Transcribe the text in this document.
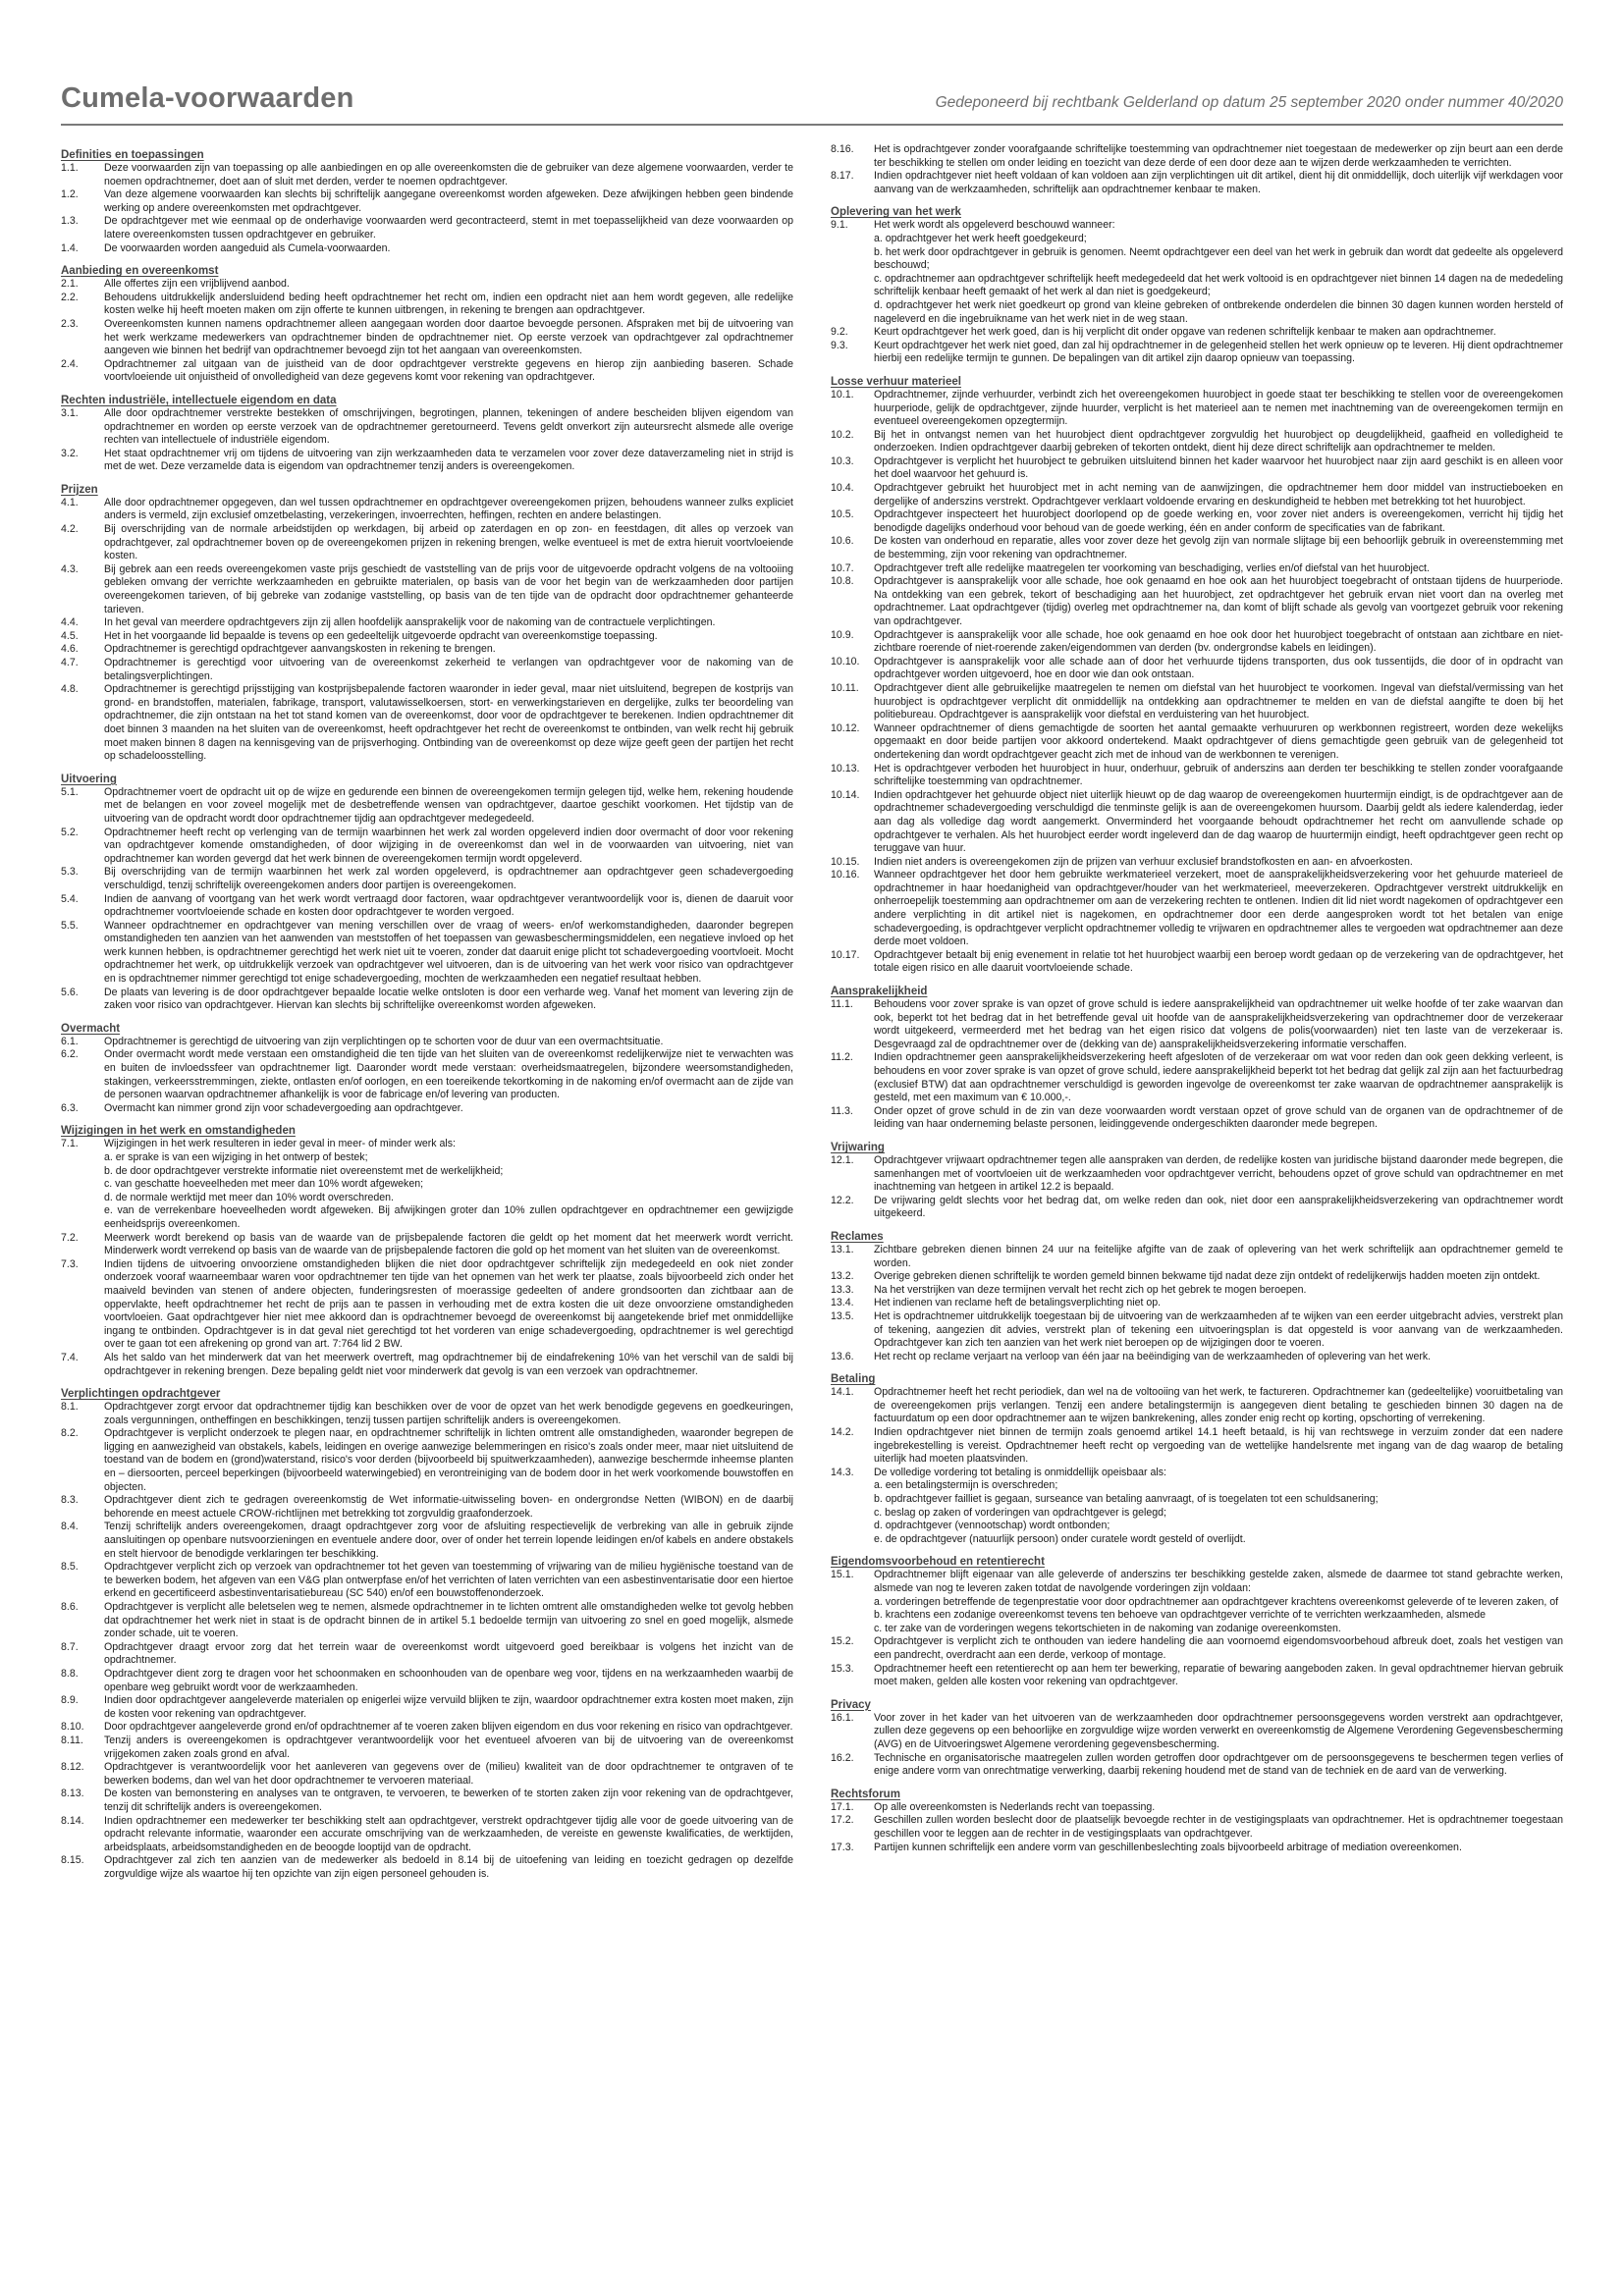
Cumela-voorwaarden	Gedeponeerd bij rechtbank Gelderland op datum 25 september 2020 onder nummer 40/2020
Definities en toepassingen
1.1.	Deze voorwaarden zijn van toepassing op alle aanbiedingen en op alle overeenkomsten die de gebruiker van deze algemene voorwaarden, verder te noemen opdrachtnemer, doet aan of sluit met derden, verder te noemen opdrachtgever.
1.2.	Van deze algemene voorwaarden kan slechts bij schriftelijk aangegane overeenkomst worden afgeweken. Deze afwijkingen hebben geen bindende werking op andere overeenkomsten met opdrachtgever.
1.3.	De opdrachtgever met wie eenmaal op de onderhavige voorwaarden werd gecontracteerd, stemt in met toepasselijkheid van deze voorwaarden op latere overeenkomsten tussen opdrachtgever en gebruiker.
1.4.	De voorwaarden worden aangeduid als Cumela-voorwaarden.
Aanbieding en overeenkomst
2.1.	Alle offertes zijn een vrijblijvend aanbod.
2.2.	Behoudens uitdrukkelijk andersluidend beding heeft opdrachtnemer het recht om, indien een opdracht niet aan hem wordt gegeven, alle redelijke kosten welke hij heeft moeten maken om zijn offerte te kunnen uitbrengen, in rekening te brengen aan opdrachtgever.
2.3.	Overeenkomsten kunnen namens opdrachtnemer alleen aangegaan worden door daartoe bevoegde personen. Afspraken met bij de uitvoering van het werk werkzame medewerkers van opdrachtnemer binden de opdrachtnemer niet. Op eerste verzoek van opdrachtgever zal opdrachtnemer aangeven wie binnen het bedrijf van opdrachtnemer bevoegd zijn tot het aangaan van overeenkomsten.
2.4.	Opdrachtnemer zal uitgaan van de juistheid van de door opdrachtgever verstrekte gegevens en hierop zijn aanbieding baseren. Schade voortvloeiende uit onjuistheid of onvolledigheid van deze gegevens komt voor rekening van opdrachtgever.
Rechten industriële, intellectuele eigendom en data
3.1.	Alle door opdrachtnemer verstrekte bestekken of omschrijvingen, begrotingen, plannen, tekeningen of andere bescheiden blijven eigendom van opdrachtnemer en worden op eerste verzoek van de opdrachtnemer geretourneerd. Tevens geldt onverkort zijn auteursrecht alsmede alle overige rechten van intellectuele of industriële eigendom.
3.2.	Het staat opdrachtnemer vrij om tijdens de uitvoering van zijn werkzaamheden data te verzamelen voor zover deze dataverzameling niet in strijd is met de wet. Deze verzamelde data is eigendom van opdrachtnemer tenzij anders is overeengekomen.
Prijzen
4.1.	Alle door opdrachtnemer opgegeven, dan wel tussen opdrachtnemer en opdrachtgever overeengekomen prijzen, behoudens wanneer zulks expliciet anders is vermeld, zijn exclusief omzetbelasting, verzekeringen, invoerrechten, heffingen, rechten en andere belastingen.
4.2.	Bij overschrijding van de normale arbeidstijden op werkdagen, bij arbeid op zaterdagen en op zon- en feestdagen, dit alles op verzoek van opdrachtgever, zal opdrachtnemer boven op de overeengekomen prijzen in rekening brengen, welke eventueel is met de extra hieruit voortvloeiende kosten.
4.3.	Bij gebrek aan een reeds overeengekomen vaste prijs geschiedt de vaststelling van de prijs voor de uitgevoerde opdracht volgens de na voltooiing gebleken omvang der verrichte werkzaamheden en gebruikte materialen, op basis van de voor het begin van de werkzaamheden door partijen overeengekomen tarieven, of bij gebreke van zodanige vaststelling, op basis van de ten tijde van de opdracht door opdrachtnemer gehanteerde tarieven.
4.4.	In het geval van meerdere opdrachtgevers zijn zij allen hoofdelijk aansprakelijk voor de nakoming van de contractuele verplichtingen.
4.5.	Het in het voorgaande lid bepaalde is tevens op een gedeeltelijk uitgevoerde opdracht van overeenkomstige toepassing.
4.6.	Opdrachtnemer is gerechtigd opdrachtgever aanvangskosten in rekening te brengen.
4.7.	Opdrachtnemer is gerechtigd voor uitvoering van de overeenkomst zekerheid te verlangen van opdrachtgever voor de nakoming van de betalingsverplichtingen.
4.8.	Opdrachtnemer is gerechtigd prijsstijging van kostprijsbepalende factoren waaronder in ieder geval, maar niet uitsluitend, begrepen de kostprijs van grond- en brandstoffen, materialen, fabrikage, transport, valutawisselkoersen, stort- en verwerkingstarieven en dergelijke, zulks ter beoordeling van opdrachtnemer, die zijn ontstaan na het tot stand komen van de overeenkomst, door voor de opdrachtgever te berekenen. Indien opdrachtnemer dit doet binnen 3 maanden na het sluiten van de overeenkomst, heeft opdrachtgever het recht de overeenkomst te ontbinden, van welk recht hij gebruik moet maken binnen 8 dagen na kennisgeving van de prijsverhoging. Ontbinding van de overeenkomst op deze wijze geeft geen der partijen het recht op schadeloosstelling.
Uitvoering
5.1.	Opdrachtnemer voert de opdracht uit op de wijze en gedurende een binnen de overeengekomen termijn gelegen tijd, welke hem, rekening houdende met de belangen en voor zoveel mogelijk met de desbetreffende wensen van opdrachtgever, daartoe geschikt voorkomen. Het tijdstip van de uitvoering van de opdracht wordt door opdrachtnemer tijdig aan opdrachtgever medegedeeld.
5.2.	Opdrachtnemer heeft recht op verlenging van de termijn waarbinnen het werk zal worden opgeleverd indien door overmacht of door voor rekening van opdrachtgever komende omstandigheden, of door wijziging in de overeenkomst dan wel in de voorwaarden van uitvoering, niet van opdrachtnemer kan worden gevergd dat het werk binnen de overeengekomen termijn wordt opgeleverd.
5.3.	Bij overschrijding van de termijn waarbinnen het werk zal worden opgeleverd, is opdrachtnemer aan opdrachtgever geen schadevergoeding verschuldigd, tenzij schriftelijk overeengekomen anders door partijen is overeengekomen.
5.4.	Indien de aanvang of voortgang van het werk wordt vertraagd door factoren, waar opdrachtgever verantwoordelijk voor is, dienen de daaruit voor opdrachtnemer voortvloeiende schade en kosten door opdrachtgever te worden vergoed.
5.5.	Wanneer opdrachtnemer en opdrachtgever van mening verschillen over de vraag of weers- en/of werkomstandigheden, daaronder begrepen omstandigheden ten aanzien van het aanwenden van meststoffen of het toepassen van gewasbeschermingsmiddelen, een negatieve invloed op het werk kunnen hebben, is opdrachtnemer gerechtigd het werk niet uit te voeren, zonder dat daaruit enige plicht tot schadevergoeding voortvloeit. Mocht opdrachtnemer het werk, op uitdrukkelijk verzoek van opdrachtgever wel uitvoeren, dan is de uitvoering van het werk voor risico van opdrachtgever en is opdrachtnemer nimmer gerechtigd tot enige schadevergoeding, mochten de werkzaamheden een negatief resultaat hebben.
5.6.	De plaats van levering is de door opdrachtgever bepaalde locatie welke ontsloten is door een verharde weg. Vanaf het moment van levering zijn de zaken voor risico van opdrachtgever. Hiervan kan slechts bij schriftelijke overeenkomst worden afgeweken.
Overmacht
6.1.	Opdrachtnemer is gerechtigd de uitvoering van zijn verplichtingen op te schorten voor de duur van een overmachtsituatie.
6.2.	Onder overmacht wordt mede verstaan een omstandigheid die ten tijde van het sluiten van de overeenkomst redelijkerwijze niet te verwachten was en buiten de invloedssfeer van opdrachtnemer ligt. Daaronder wordt mede verstaan: overheidsmaatregelen, bijzondere weersomstandigheden, stakingen, verkeersstremmingen, ziekte, ontlasten en/of oorlogen, en een toereikende tekortkoming in de nakoming en/of overmacht aan de zijde van de personen waarvan opdrachtnemer afhankelijk is voor de fabricage en/of levering van producten.
6.3.	Overmacht kan nimmer grond zijn voor schadevergoeding aan opdrachtgever.
Wijzigingen in het werk en omstandigheden
7.1.	Wijzigingen in het werk resulteren in ieder geval in meer- of minder werk als:
a. er sprake is van een wijziging in het ontwerp of bestek;
b. de door opdrachtgever verstrekte informatie niet overeenstemt met de werkelijkheid;
c. van geschatte hoeveelheden met meer dan 10% wordt afgeweken;
d. de normale werktijd met meer dan 10% wordt overschreden.
e. van de verrekenbare hoeveelheden wordt afgeweken. Bij afwijkingen groter dan 10% zullen opdrachtgever en opdrachtnemer een gewijzigde eenheidsprijs overeenkomen.
7.2.	Meerwerk wordt berekend op basis van de waarde van de prijsbepalende factoren die geldt op het moment dat het meerwerk wordt verricht. Minderwerk wordt verrekend op basis van de waarde van de prijsbepalende factoren die gold op het moment van het sluiten van de overeenkomst.
7.3.	Indien tijdens de uitvoering onvoorziene omstandigheden blijken die niet door opdrachtgever schriftelijk zijn medegedeeld en ook niet zonder onderzoek vooraf waarneembaar waren voor opdrachtnemer ten tijde van het opnemen van het werk ter plaatse, zoals bijvoorbeeld zich onder het maaiveld bevinden van stenen of andere objecten, funderingsresten of moerassige gedeelten of andere grondsoorten dan zichtbaar aan de oppervlakte, heeft opdrachtnemer het recht de prijs aan te passen in verhouding met de extra kosten die uit deze onvoorziene omstandigheden voortvloeien. Gaat opdrachtgever hier niet mee akkoord dan is opdrachtnemer bevoegd de overeenkomst bij aangetekende brief met onmiddellijke ingang te ontbinden. Opdrachtgever is in dat geval niet gerechtigd tot het vorderen van enige schadevergoeding, opdrachtnemer is wel gerechtigd over te gaan tot een afrekening op grond van art. 7:764 lid 2 BW.
7.4.	Als het saldo van het minderwerk dat van het meerwerk overtreft, mag opdrachtnemer bij de eindafrekening 10% van het verschil van de saldi bij opdrachtgever in rekening brengen. Deze bepaling geldt niet voor minderwerk dat gevolg is van een verzoek van opdrachtnemer.
Verplichtingen opdrachtgever
8.1.	Opdrachtgever zorgt ervoor dat opdrachtnemer tijdig kan beschikken over de voor de opzet van het werk benodigde gegevens en goedkeuringen, zoals vergunningen, ontheffingen en beschikkingen, tenzij tussen partijen schriftelijk anders is overeengekomen.
8.2.	Opdrachtgever is verplicht onderzoek te plegen naar, en opdrachtnemer schriftelijk in lichten omtrent alle omstandigheden, waaronder begrepen de ligging en aanwezigheid van obstakels, kabels, leidingen en overige aanwezige belemmeringen en risico's zoals onder meer, maar niet uitsluitend de toestand van de bodem en (grond)waterstand, risico's voor derden (bijvoorbeeld bij spuitwerkzaamheden), aanwezige beschermde inheemse planten en – diersoorten, perceel beperkingen (bijvoorbeeld waterwingebied) en verontreiniging van de bodem door in het werk voorkomende bouwstoffen en objecten.
8.3.	Opdrachtgever dient zich te gedragen overeenkomstig de Wet informatie-uitwisseling boven- en ondergrondse Netten (WIBON) en de daarbij behorende en meest actuele CROW-richtlijnen met betrekking tot zorgvuldig graafonderzoek.
8.4.	Tenzij schriftelijk anders overeengekomen, draagt opdrachtgever zorg voor de afsluiting respectievelijk de verbreking van alle in gebruik zijnde aansluitingen op openbare nutsvoorzieningen en eventuele andere door, over of onder het terrein lopende leidingen en/of kabels en andere obstakels en stelt hiervoor de benodigde verklaringen ter beschikking.
8.5.	Opdrachtgever verplicht zich op verzoek van opdrachtnemer tot het geven van toestemming of vrijwaring van de milieu hygiënische toestand van de te bewerken bodem, het afgeven van een V&G plan ontwerpfase en/of het verrichten of laten verrichten van een asbestinventarisatie door een hiertoe erkend en gecertificeerd asbestinventarisatiebureau (SC 540) en/of een bouwstoffenonderzoek.
8.6.	Opdrachtgever is verplicht alle beletselen weg te nemen, alsmede opdrachtnemer in te lichten omtrent alle omstandigheden welke tot gevolg hebben dat opdrachtnemer het werk niet in staat is de opdracht binnen de in artikel 5.1 bedoelde termijn van uitvoering zo snel en goed mogelijk, alsmede zonder schade, uit te voeren.
8.7.	Opdrachtgever draagt ervoor zorg dat het terrein waar de overeenkomst wordt uitgevoerd goed bereikbaar is volgens het inzicht van de opdrachtnemer.
8.8.	Opdrachtgever dient zorg te dragen voor het schoonmaken en schoonhouden van de openbare weg voor, tijdens en na werkzaamheden waarbij de openbare weg gebruikt wordt voor de werkzaamheden.
8.9.	Indien door opdrachtgever aangeleverde materialen op enigerlei wijze vervuild blijken te zijn, waardoor opdrachtnemer extra kosten moet maken, zijn de kosten voor rekening van opdrachtgever.
8.10.	Door opdrachtgever aangeleverde grond en/of opdrachtnemer af te voeren zaken blijven eigendom en dus voor rekening en risico van opdrachtgever.
8.11.	Tenzij anders is overeengekomen is opdrachtgever verantwoordelijk voor het eventueel afvoeren van bij de uitvoering van de overeenkomst vrijgekomen zaken zoals grond en afval.
8.12.	Opdrachtgever is verantwoordelijk voor het aanleveren van gegevens over de (milieu) kwaliteit van de door opdrachtnemer te ontgraven of te bewerken bodems, dan wel van het door opdrachtnemer te vervoeren materiaal.
8.13.	De kosten van bemonstering en analyses van te ontgraven, te vervoeren, te bewerken of te storten zaken zijn voor rekening van de opdrachtgever, tenzij dit schriftelijk anders is overeengekomen.
8.14.	Indien opdrachtnemer een medewerker ter beschikking stelt aan opdrachtgever, verstrekt opdrachtgever tijdig alle voor de goede uitvoering van de opdracht relevante informatie, waaronder een accurate omschrijving van de werkzaamheden, de vereiste en gewenste kwalificaties, de werktijden, arbeidsplaats, arbeidsomstandigheden en de beoogde looptijd van de opdracht.
8.15.	Opdrachtgever zal zich ten aanzien van de medewerker als bedoeld in 8.14 bij de uitoefening van leiding en toezicht gedragen op dezelfde zorgvuldige wijze als waartoe hij ten opzichte van zijn eigen personeel gehouden is.
8.16.	Het is opdrachtgever zonder voorafgaande schriftelijke toestemming van opdrachtnemer niet toegestaan de medewerker op zijn beurt aan een derde ter beschikking te stellen om onder leiding en toezicht van deze derde of een door deze aan te wijzen derde werkzaamheden te verrichten.
8.17.	Indien opdrachtgever niet heeft voldaan of kan voldoen aan zijn verplichtingen uit dit artikel, dient hij dit onmiddellijk, doch uiterlijk vijf werkdagen voor aanvang van de werkzaamheden, schriftelijk aan opdrachtnemer kenbaar te maken.
Oplevering van het werk
9.1.	Het werk wordt als opgeleverd beschouwd wanneer:
a. opdrachtgever het werk heeft goedgekeurd;
b. het werk door opdrachtgever in gebruik is genomen. Neemt opdrachtgever een deel van het werk in gebruik dan wordt dat gedeelte als opgeleverd beschouwd;
c. opdrachtnemer aan opdrachtgever schriftelijk heeft medegedeeld dat het werk voltooid is en opdrachtgever niet binnen 14 dagen na de mededeling schriftelijk kenbaar heeft gemaakt of het werk al dan niet is goedgekeurd;
d. opdrachtgever het werk niet goedkeurt op grond van kleine gebreken of ontbrekende onderdelen die binnen 30 dagen kunnen worden hersteld of nageleverd en die ingebruikname van het werk niet in de weg staan.
9.2.	Keurt opdrachtgever het werk goed, dan is hij verplicht dit onder opgave van redenen schriftelijk kenbaar te maken aan opdrachtnemer.
9.3.	Keurt opdrachtgever het werk niet goed, dan zal hij opdrachtnemer in de gelegenheid stellen het werk opnieuw op te leveren. Hij dient opdrachtnemer hierbij een redelijke termijn te gunnen. De bepalingen van dit artikel zijn daarop opnieuw van toepassing.
Losse verhuur materieel
10.1.	Opdrachtnemer, zijnde verhuurder, verbindt zich het overeengekomen huurobject in goede staat ter beschikking te stellen voor de overeengekomen huurperiode, gelijk de opdrachtgever, zijnde huurder, verplicht is het materieel aan te nemen met inachtneming van de overeengekomen termijn en eventueel overeengekomen opzegtermijn.
10.2.	Bij het in ontvangst nemen van het huurobject dient opdrachtgever zorgvuldig het huurobject op deugdelijkheid, gaafheid en volledigheid te onderzoeken. Indien opdrachtgever daarbij gebreken of tekorten ontdekt, dient hij deze direct schriftelijk aan opdrachtnemer te melden.
10.3.	Opdrachtgever is verplicht het huurobject te gebruiken uitsluitend binnen het kader waarvoor het huurobject naar zijn aard geschikt is en alleen voor het doel waarvoor het gehuurd is.
10.4.	Opdrachtgever gebruikt het huurobject met in acht neming van de aanwijzingen, die opdrachtnemer hem door middel van instructieboeken en dergelijke of anderszins verstrekt. Opdrachtgever verklaart voldoende ervaring en deskundigheid te hebben met betrekking tot het huurobject.
10.5.	Opdrachtgever inspecteert het huurobject doorlopend op de goede werking en, voor zover niet anders is overeengekomen, verricht hij tijdig het benodigde dagelijks onderhoud voor behoud van de goede werking, één en ander conform de specificaties van de fabrikant.
10.6.	De kosten van onderhoud en reparatie, alles voor zover deze het gevolg zijn van normale slijtage bij een behoorlijk gebruik in overeenstemming met de bestemming, zijn voor rekening van opdrachtnemer.
10.7.	Opdrachtgever treft alle redelijke maatregelen ter voorkoming van beschadiging, verlies en/of diefstal van het huurobject.
10.8.	Opdrachtgever is aansprakelijk voor alle schade, hoe ook genaamd en hoe ook aan het huurobject toegebracht of ontstaan tijdens de huurperiode. Na ontdekking van een gebrek, tekort of beschadiging aan het huurobject, zet opdrachtgever het gebruik ervan niet voort dan na overleg met opdrachtnemer. Laat opdrachtgever (tijdig) overleg met opdrachtnemer na, dan komt of blijft schade als gevolg van voortgezet gebruik voor rekening van opdrachtgever.
10.9.	Opdrachtgever is aansprakelijk voor alle schade, hoe ook genaamd en hoe ook door het huurobject toegebracht of ontstaan aan zichtbare en niet-zichtbare roerende of niet-roerende zaken/eigendommen van derden (bv. ondergrondse kabels en leidingen).
10.10.	Opdrachtgever is aansprakelijk voor alle schade aan of door het verhuurde tijdens transporten, dus ook tussentijds, die door of in opdracht van opdrachtgever worden uitgevoerd, hoe en door wie dan ook ontstaan.
10.11.	Opdrachtgever dient alle gebruikelijke maatregelen te nemen om diefstal van het huurobject te voorkomen. Ingeval van diefstal/vermissing van het huurobject is opdrachtgever verplicht dit onmiddellijk na ontdekking aan opdrachtnemer te melden en van de diefstal aangifte te doen bij het politiebureau. Opdrachtgever is aansprakelijk voor diefstal en verduistering van het huurobject.
10.12.	Wanneer opdrachtnemer of diens gemachtigde de soorten het aantal gemaakte verhuururen op werkbonnen registreert, worden deze wekelijks opgemaakt en door beide partijen voor akkoord ondertekend. Maakt opdrachtgever of diens gemachtigde geen gebruik van de gelegenheid tot ondertekening dan wordt opdrachtgever geacht zich met de inhoud van de werkbonnen te verenigen.
10.13.	Het is opdrachtgever verboden het huurobject in huur, onderhuur, gebruik of anderszins aan derden ter beschikking te stellen zonder voorafgaande schriftelijke toestemming van opdrachtnemer.
10.14.	Indien opdrachtgever het gehuurde object niet uiterlijk hieuwt op de dag waarop de overeengekomen huurtermijn eindigt, is de opdrachtgever aan de opdrachtnemer schadevergoeding verschuldigd die tenminste gelijk is aan de overeengekomen huursom. Daarbij geldt als iedere kalenderdag, ieder aan dag als volledige dag wordt aangemerkt. Onverminderd het voorgaande behoudt opdrachtnemer het recht om aanvullende schade op opdrachtgever te verhalen. Als het huurobject eerder wordt ingeleverd dan de dag waarop de huurtermijn eindigt, heeft opdrachtgever geen recht op teruggave van huur.
10.15.	Indien niet anders is overeengekomen zijn de prijzen van verhuur exclusief brandstofkosten en aan- en afvoerkosten.
10.16.	Wanneer opdrachtgever het door hem gebruikte werkmaterieel verzekert, moet de aansprakelijkheidsverzekering voor het gehuurde materieel de opdrachtnemer in haar hoedanigheid van opdrachtgever/houder van het werkmaterieel, meeverzekeren. Opdrachtgever verstrekt uitdrukkelijk en onherroepelijk toestemming aan opdrachtnemer om aan de verzekering rechten te ontlenen. Indien dit lid niet wordt nagekomen of opdrachtgever een andere verplichting in dit artikel niet is nagekomen, en opdrachtnemer door een derde aangesproken wordt tot het betalen van enige schadevergoeding, is opdrachtgever verplicht opdrachtnemer volledig te vrijwaren en opdrachtnemer alles te vergoeden wat opdrachtnemer aan deze derde moet voldoen.
10.17.	Opdrachtgever betaalt bij enig evenement in relatie tot het huurobject waarbij een beroep wordt gedaan op de verzekering van de opdrachtgever, het totale eigen risico en alle daaruit voortvloeiende schade.
Aansprakelijkheid
11.1.	Behoudens voor zover sprake is van opzet of grove schuld is iedere aansprakelijkheid van opdrachtnemer uit welke hoofde of ter zake waarvan dan ook, beperkt tot het bedrag dat in het betreffende geval uit hoofde van de aansprakelijkheidsverzekering van opdrachtnemer door de verzekeraar wordt uitgekeerd, vermeerderd met het bedrag van het eigen risico dat volgens de polis(voorwaarden) niet ten laste van de verzekeraar is. Desgevraagd zal de opdrachtnemer over de (dekking van de) aansprakelijkheidsverzekering informatie verschaffen.
11.2.	Indien opdrachtnemer geen aansprakelijkheidsverzekering heeft afgesloten of de verzekeraar om wat voor reden dan ook geen dekking verleent, is behoudens en voor zover sprake is van opzet of grove schuld, iedere aansprakelijkheid beperkt tot het bedrag dat gelijk zal zijn aan het factuurbedrag (exclusief BTW) dat aan opdrachtnemer verschuldigd is geworden ingevolge de overeenkomst ter zake waarvan de opdrachtnemer aansprakelijk is gesteld, met een maximum van € 10.000,-.
11.3.	Onder opzet of grove schuld in de zin van deze voorwaarden wordt verstaan opzet of grove schuld van de organen van de opdrachtnemer of de leiding van haar onderneming belaste personen, leidinggevende ondergeschikten daaronder mede begrepen.
Vrijwaring
12.1.	Opdrachtgever vrijwaart opdrachtnemer tegen alle aanspraken van derden, de redelijke kosten van juridische bijstand daaronder mede begrepen, die samenhangen met of voortvloeien uit de werkzaamheden voor opdrachtgever verricht, behoudens opzet of grove schuld van opdrachtnemer en met inachtneming van hetgeen in artikel 12.2 is bepaald.
12.2.	De vrijwaring geldt slechts voor het bedrag dat, om welke reden dan ook, niet door een aansprakelijkheidsverzekering van opdrachtnemer wordt uitgekeerd.
Reclames
13.1.	Zichtbare gebreken dienen binnen 24 uur na feitelijke afgifte van de zaak of oplevering van het werk schriftelijk aan opdrachtnemer gemeld te worden.
13.2.	Overige gebreken dienen schriftelijk te worden gemeld binnen bekwame tijd nadat deze zijn ontdekt of redelijkerwijs hadden moeten zijn ontdekt.
13.3.	Na het verstrijken van deze termijnen vervalt het recht zich op het gebrek te mogen beroepen.
13.4.	Het indienen van reclame heft de betalingsverplichting niet op.
13.5.	Het is opdrachtnemer uitdrukkelijk toegestaan bij de uitvoering van de werkzaamheden af te wijken van een eerder uitgebracht advies, verstrekt plan of tekening, aangezien dit advies, verstrekt plan of tekening een uitvoeringsplan is dat opgesteld is voor aanvang van de werkzaamheden. Opdrachtgever kan zich ten aanzien van het werk niet beroepen op de wijzigingen door te voeren.
13.6.	Het recht op reclame verjaart na verloop van één jaar na beëindiging van de werkzaamheden of oplevering van het werk.
Betaling
14.1.	Opdrachtnemer heeft het recht periodiek, dan wel na de voltooiing van het werk, te factureren. Opdrachtnemer kan (gedeeltelijke) vooruitbetaling van de overeengekomen prijs verlangen. Tenzij een andere betalingstermijn is aangegeven dient betaling te geschieden binnen 30 dagen na de factuurdatum op een door opdrachtnemer aan te wijzen bankrekening, alles zonder enig recht op korting, opschorting of verrekening.
14.2.	Indien opdrachtgever niet binnen de termijn zoals genoemd artikel 14.1 heeft betaald, is hij van rechtswege in verzuim zonder dat een nadere ingebrekestelling is vereist. Opdrachtnemer heeft recht op vergoeding van de wettelijke handelsrente met ingang van de dag waarop de betaling uiterlijk had moeten plaatsvinden.
14.3.	De volledige vordering tot betaling is onmiddellijk opeisbaar als:
a. een betalingstermijn is overschreden;
b. opdrachtgever failliet is gegaan, surseance van betaling aanvraagt, of is toegelaten tot een schuldsanering;
c. beslag op zaken of vorderingen van opdrachtgever is gelegd;
d. opdrachtgever (vennootschap) wordt ontbonden;
e. de opdrachtgever (natuurlijk persoon) onder curatele wordt gesteld of overlijdt.
Eigendomsvoorbehoud en retentierecht
15.1.	Opdrachtnemer blijft eigenaar van alle geleverde of anderszins ter beschikking gestelde zaken, alsmede de daarmee tot stand gebrachte werken, alsmede van nog te leveren zaken totdat de navolgende vorderingen zijn voldaan:
a. vorderingen betreffende de tegenprestatie voor door opdrachtnemer aan opdrachtgever krachtens overeenkomst geleverde of te leveren zaken, of
b. krachtens een zodanige overeenkomst tevens ten behoeve van opdrachtgever verrichte of te verrichten werkzaamheden, alsmede
c. ter zake van de vorderingen wegens tekortschieten in de nakoming van zodanige overeenkomsten.
15.2.	Opdrachtgever is verplicht zich te onthouden van iedere handeling die aan voornoemd eigendomsvoorbehoud afbreuk doet, zoals het vestigen van een pandrecht, overdracht aan een derde, verkoop of montage.
15.3.	Opdrachtnemer heeft een retentierecht op aan hem ter bewerking, reparatie of bewaring aangeboden zaken. In geval opdrachtnemer hiervan gebruik moet maken, gelden alle kosten voor rekening van opdrachtgever.
Privacy
16.1.	Voor zover in het kader van het uitvoeren van de werkzaamheden door opdrachtnemer persoonsgegevens worden verstrekt aan opdrachtgever, zullen deze gegevens op een behoorlijke en zorgvuldige wijze worden verwerkt en overeenkomstig de Algemene Verordening Gegevensbescherming (AVG) en de Uitvoeringswet Algemene verordening gegevensbescherming.
16.2.	Technische en organisatorische maatregelen zullen worden getroffen door opdrachtgever om de persoonsgegevens te beschermen tegen verlies of enige andere vorm van onrechtmatige verwerking, daarbij rekening houdend met de stand van de techniek en de aard van de verwerking.
Rechtsforum
17.1.	Op alle overeenkomsten is Nederlands recht van toepassing.
17.2.	Geschillen zullen worden beslecht door de plaatselijk bevoegde rechter in de vestigingsplaats van opdrachtnemer. Het is opdrachtnemer toegestaan geschillen voor te leggen aan de rechter in de vestigingsplaats van opdrachtgever.
17.3.	Partijen kunnen schriftelijk een andere vorm van geschillenbeslechting zoals bijvoorbeeld arbitrage of mediation overeenkomen.
